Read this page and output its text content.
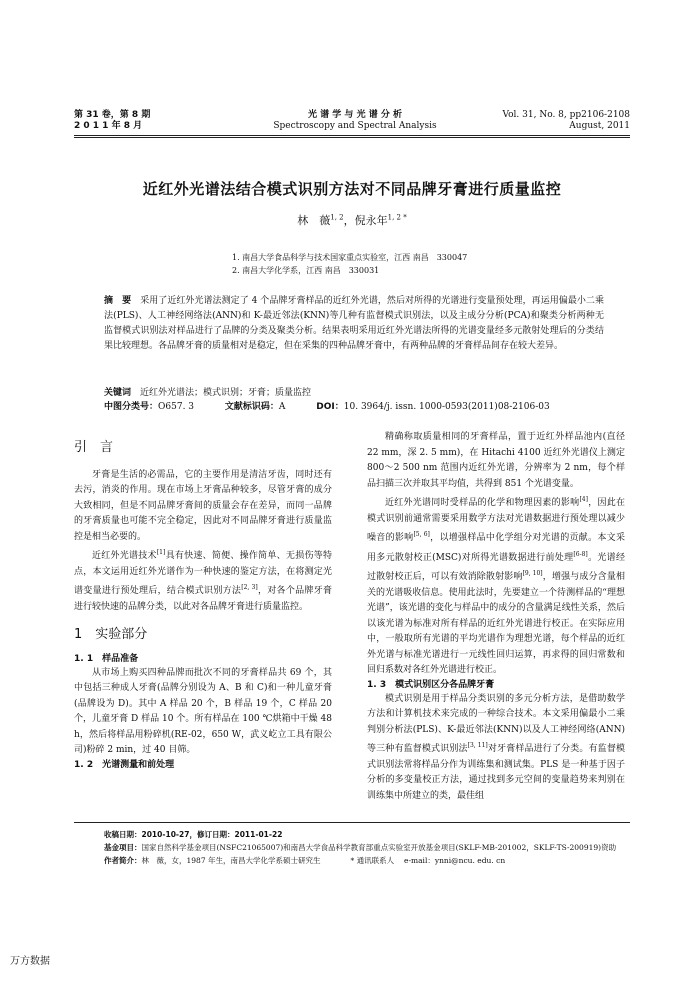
第 31 卷，第 8 期
2 0 1 1 年 8 月
光 谱 学 与 光 谱 分 析
Spectroscopy and Spectral Analysis
Vol. 31, No. 8, pp2106-2108
August, 2011
近红外光谱法结合模式识别方法对不同品牌牙膏进行质量监控
林　薇$^{1, 2}$，倪永年$^{1, 2 *}$
1. 南昌大学食品科学与技术国家重点实验室，江西 南昌　330047
2. 南昌大学化学系，江西 南昌　330031
摘　要　 采用了近红外光谱法测定了 4 个品牌牙膏样品的近红外光谱，然后对所得的光谱进行变量预处理，再运用偏最小二乘法(PLS)、人工神经网络法(ANN)和 K-最近邻法(KNN)等几种有监督模式识别法，以及主成分分析(PCA)和聚类分析两种无监督模式识别法对样品进行了品牌的分类及聚类分析。结果表明采用近红外光谱法所得的光谱变量经多元散射处理后的分类结果比较理想。各品牌牙膏的质量相对是稳定，但在采集的四种品牌牙膏中，有两种品牌的牙膏样品间存在较大差异。
关键词　 近红外光谱法；模式识别；牙膏；质量监控
中图分类号：O657. 3	文献标识码：A	DOI：10. 3964/j. issn. 1000-0593(2011)08-2106-03
引　言

牙膏是生活的必需品，它的主要作用是清洁牙齿，同时还有去污，消炎的作用。现在市场上牙膏品种较多，尽管牙膏的成分大致相同，但是不同品牌牙膏间的质量会存在差异，而同一品牌的牙膏质量也可能不完全稳定，因此对不同品牌牙膏进行质量监控是相当必要的。

近红外光谱技术[1]具有快速、简便、操作简单、无损伤等特点，本文运用近红外光谱作为一种快速的鉴定方法，在将测定光谱变量进行预处理后，结合模式识别方法[2, 3]，对各个品牌牙膏进行较快速的品牌分类，以此对各品牌牙膏进行质量监控。

1　实验部分
1. 1　样品准备

从市场上购买四种品牌而批次不同的牙膏样品共 69 个，其中包括三种成人牙膏(品牌分别设为 A、B 和 C)和一种儿童牙膏(品牌设为 D)。其中 A 样品 20 个，B 样品 19 个，C 样品 20 个，儿童牙膏 D 样品 10 个。所有样品在 100 ℃烘箱中干燥 48 h，然后将样品用粉碎机(RE-02，650 W，武义屹立工具有限公司)粉碎 2 min，过 40 目筛。

1. 2　光谱测量和前处理

精确称取质量相同的牙膏样品，置于近红外样品池内(直径 22 mm，深 2. 5 mm)，在 Hitachi 4100 近红外光谱仪上测定 800～2 500 nm 范围内近红外光谱，分辨率为 2 nm，每个样品扫描三次并取其平均值，共得到 851 个光谱变量。

近红外光谱同时受样品的化学和物理因素的影响[4]，因此在模式识别前通常需要采用数学方法对光谱数据进行预处理以减少噪音的影响[5, 6]，以增强样品中化学组分对光谱的贡献。本文采用多元散射校正(MSC)对所得光谱数据进行前处理[6-8]。光谱经过散射校正后，可以有效消除散射影响[9, 10]，增强与成分含量相关的光谱吸收信息。使用此法时，先要建立一个待测样品的“理想光谱”，该光谱的变化与样品中的成分的含量满足线性关系，然后以该光谱为标准对所有样品的近红外光谱进行校正。在实际应用中，一般取所有光谱的平均光谱作为理想光谱，每个样品的近红外光谱与标准光谱进行一元线性回归运算，再求得的回归常数和回归系数对各红外光谱进行校正。

1. 3　模式识别区分各品牌牙膏

模式识别是用于样品分类识别的多元分析方法，是借助数学方法和计算机技术来完成的一种综合技术。本文采用偏最小二乘判别分析法(PLS)、K-最近邻法(KNN)以及人工神经网络(ANN)等三种有监督模式识别法[3, 11]对牙膏样品进行了分类。有监督模式识别法常将样品分作为训练集和测试集。PLS 是一种基于因子分析的多变量校正方法，通过找到多元空间的变量趋势来判别在训练集中所建立的类，最佳组

收稿日期：2010-10-27，修订日期：2011-01-22
基金项目：国家自然科学基金项目(NSFC21065007)和南昌大学食品科学教育部重点实验室开放基金项目(SKLF-MB-201002，SKLF-TS-200919)资助
作者简介：林　薇，女，1987 年生，南昌大学化学系硕士研究生	* 通讯联系人　 e-mail：ynni@ncu. edu. cn
万方数据
